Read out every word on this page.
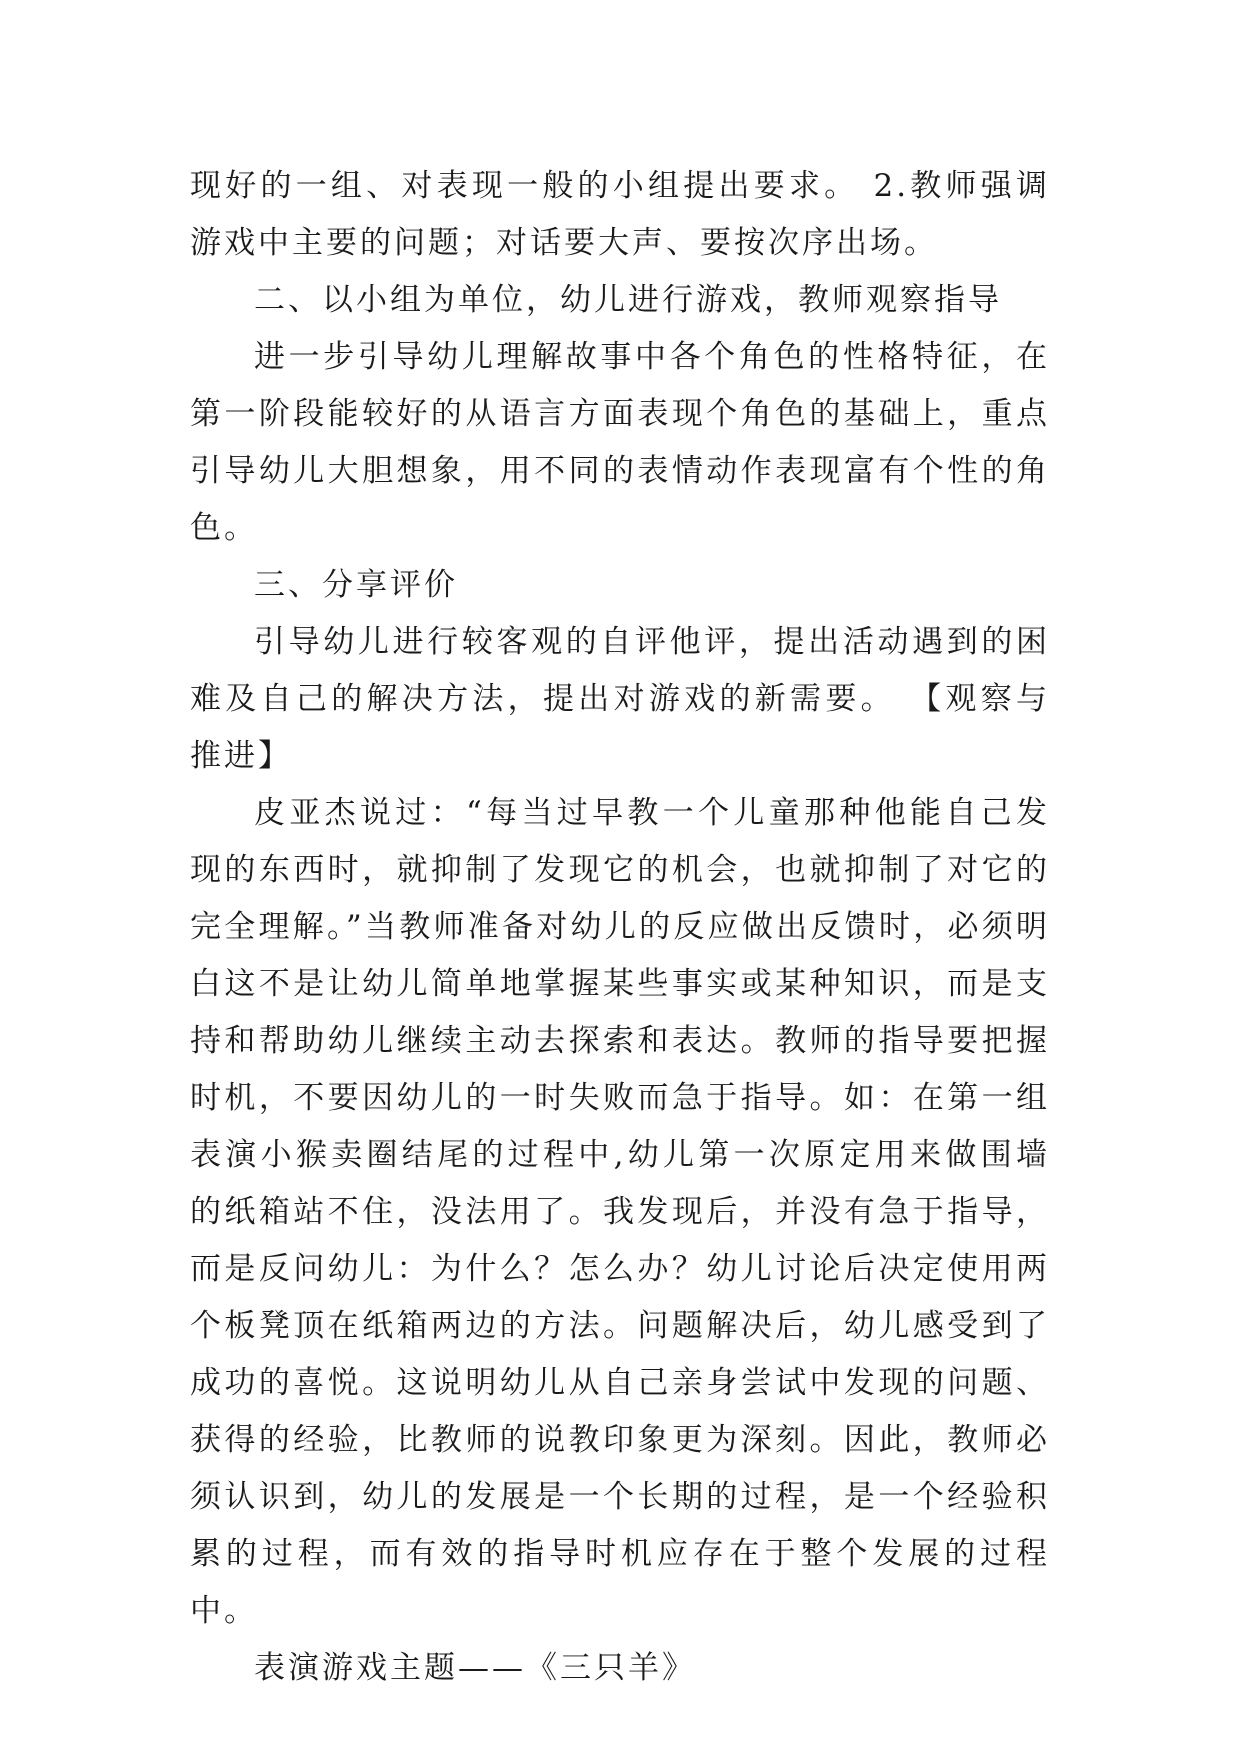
现好的一组、对表现一般的小组提出要求。 2.教师强调游戏中主要的问题；对话要大声、要按次序出场。

二、以小组为单位，幼儿进行游戏，教师观察指导

进一步引导幼儿理解故事中各个角色的性格特征，在第一阶段能较好的从语言方面表现个角色的基础上，重点引导幼儿大胆想象，用不同的表情动作表现富有个性的角色。

三、分享评价

引导幼儿进行较客观的自评他评，提出活动遇到的困难及自己的解决方法，提出对游戏的新需要。 【观察与推进】

皮亚杰说过：“每当过早教一个儿童那种他能自己发现的东西时，就抑制了发现它的机会，也就抑制了对它的完全理解。”当教师准备对幼儿的反应做出反馈时，必须明白这不是让幼儿简单地掌握某些事实或某种知识，而是支持和帮助幼儿继续主动去探索和表达。教师的指导要把握时机，不要因幼儿的一时失败而急于指导。如：在第一组表演小猴卖圈结尾的过程中,幼儿第一次原定用来做围墙的纸箱站不住，没法用了。我发现后，并没有急于指导，而是反问幼儿：为什么？怎么办？幼儿讨论后决定使用两个板凳顶在纸箱两边的方法。问题解决后，幼儿感受到了成功的喜悦。这说明幼儿从自己亲身尝试中发现的问题、获得的经验，比教师的说教印象更为深刻。因此，教师必须认识到，幼儿的发展是一个长期的过程，是一个经验积累的过程，而有效的指导时机应存在于整个发展的过程中。

表演游戏主题——《三只羊》
